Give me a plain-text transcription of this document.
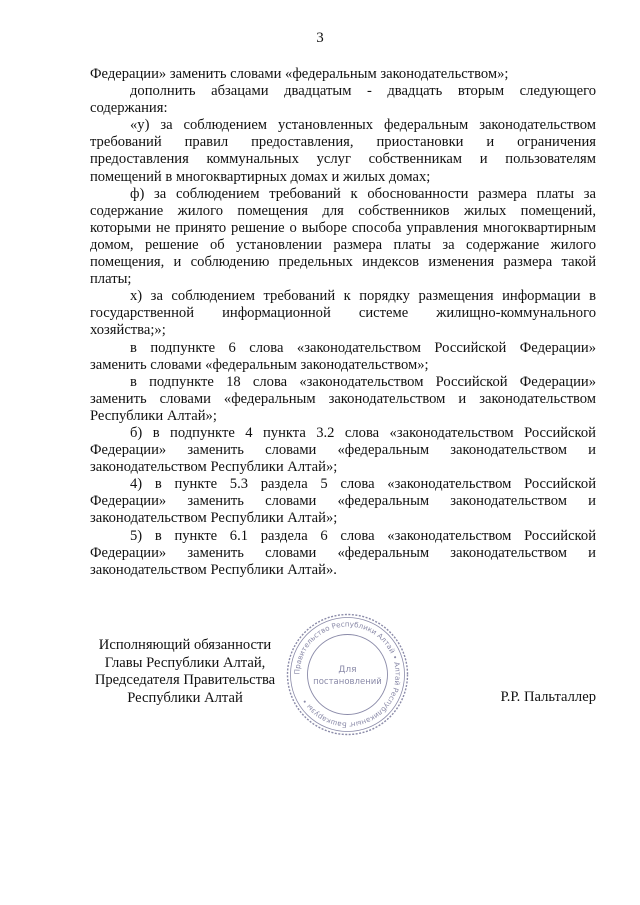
3

Федерации» заменить словами «федеральным законодательством»;

дополнить абзацами двадцатым - двадцать вторым следующего содержания:

«у) за соблюдением установленных федеральным законодательством требований правил предоставления, приостановки и ограничения предоставления коммунальных услуг собственникам и пользователям помещений в многоквартирных домах и жилых домах;

ф) за соблюдением требований к обоснованности размера платы за содержание жилого помещения для собственников жилых помещений, которыми не принято решение о выборе способа управления многоквартирным домом, решение об установлении размера платы за содержание жилого помещения, и соблюдению предельных индексов изменения размера такой платы;

х) за соблюдением требований к порядку размещения информации в государственной информационной системе жилищно-коммунального хозяйства;»;

в подпункте 6 слова «законодательством Российской Федерации» заменить словами «федеральным законодательством»;

в подпункте 18 слова «законодательством Российской Федерации» заменить словами «федеральным законодательством и законодательством Республики Алтай»;

б) в подпункте 4 пункта 3.2 слова «законодательством Российской Федерации» заменить словами «федеральным законодательством и законодательством Республики Алтай»;

4) в пункте 5.3 раздела 5 слова «законодательством Российской Федерации» заменить словами «федеральным законодательством и законодательством Республики Алтай»;

5) в пункте 6.1 раздела 6 слова «законодательством Российской Федерации» заменить словами «федеральным законодательством и законодательством Республики Алтай».

Исполняющий обязанности
Главы Республики Алтай,
Председателя Правительства
Республики Алтай
Правительство Республики Алтай • Алтай Республиканыҥ Башкарузы •
Для
постановлений
Р.Р. Пальталлер
